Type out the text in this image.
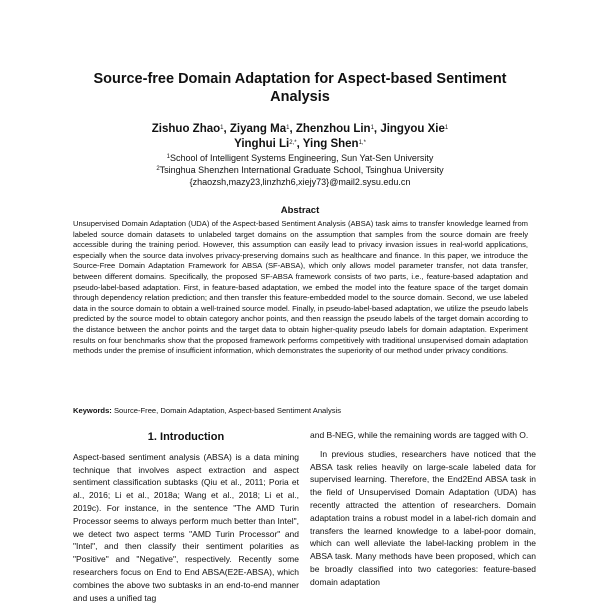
Source-free Domain Adaptation for Aspect-based Sentiment Analysis
Zishuo Zhao$^1$, Ziyang Ma$^1$, Zhenzhou Lin$^1$, Jingyou Xie$^1$
Yinghui $Li^{2,*}$, Ying Shen$^{1,*}$
$^1$School of Intelligent Systems Engineering, Sun Yat-Sen University
$^2$Tsinghua Shenzhen International Graduate School, Tsinghua University
{zhaozsh,mazy23,linzhzh6,xiejy73}@mail2.sysu.edu.cn
Abstract

Unsupervised Domain Adaptation (UDA) of the Aspect-based Sentiment Analysis (ABSA) task aims to transfer knowledge learned from labeled source domain datasets to unlabeled target domains on the assumption that samples from the source domain are freely accessible during the training period. However, this assumption can easily lead to privacy invasion issues in real-world applications, especially when the source data involves privacy-preserving domains such as healthcare and finance. In this paper, we introduce the Source-Free Domain Adaptation Framework for ABSA (SF-ABSA), which only allows model parameter transfer, not data transfer, between different domains. Specifically, the proposed SF-ABSA framework consists of two parts, i.e., feature-based adaptation and pseudo-label-based adaptation. First, in feature-based adaptation, we embed the model into the feature space of the target domain through dependency relation prediction; and then transfer this feature-embedded model to the source domain. Second, we use labeled data in the source domain to obtain a well-trained source model. Finally, in pseudo-label-based adaptation, we utilize the pseudo labels predicted by the source model to obtain category anchor points, and then reassign the pseudo labels of the target domain according to the distance between the anchor points and the target data to obtain higher-quality pseudo labels for domain adaptation. Experiment results on four benchmarks show that the proposed framework performs competitively with traditional unsupervised domain adaptation methods under the premise of insufficient information, which demonstrates the superiority of our method under privacy conditions.

Keywords: Source-Free, Domain Adaptation, Aspect-based Sentiment Analysis

1. Introduction

Aspect-based sentiment analysis (ABSA) is a data mining technique that involves aspect extraction and aspect sentiment classification subtasks (Qiu et al., 2011; Poria et al., 2016; Li et al., 2018a; Wang et al., 2018; Li et al., 2019c). For instance, in the sentence "The AMD Turin Processor seems to always perform much better than Intel", we detect two aspect terms "AMD Turin Processor" and "Intel", and then classify their sentiment polarities as "Positive" and "Negative", respectively. Recently some researchers focus on End to End ABSA(E2E-ABSA), which combines the above two subtasks in an end-to-end manner and uses a unified tag

and B-NEG, while the remaining words are tagged with O.

In previous studies, researchers have noticed that the ABSA task relies heavily on large-scale labeled data for supervised learning. Therefore, the End2End ABSA task in the field of Unsupervised Domain Adaptation (UDA) has recently attracted the attention of researchers. Domain adaptation trains a robust model in a label-rich domain and transfers the learned knowledge to a label-poor domain, which can well alleviate the label-lacking problem in the ABSA task. Many methods have been proposed, which can be broadly classified into two categories: feature-based domain adaptation
